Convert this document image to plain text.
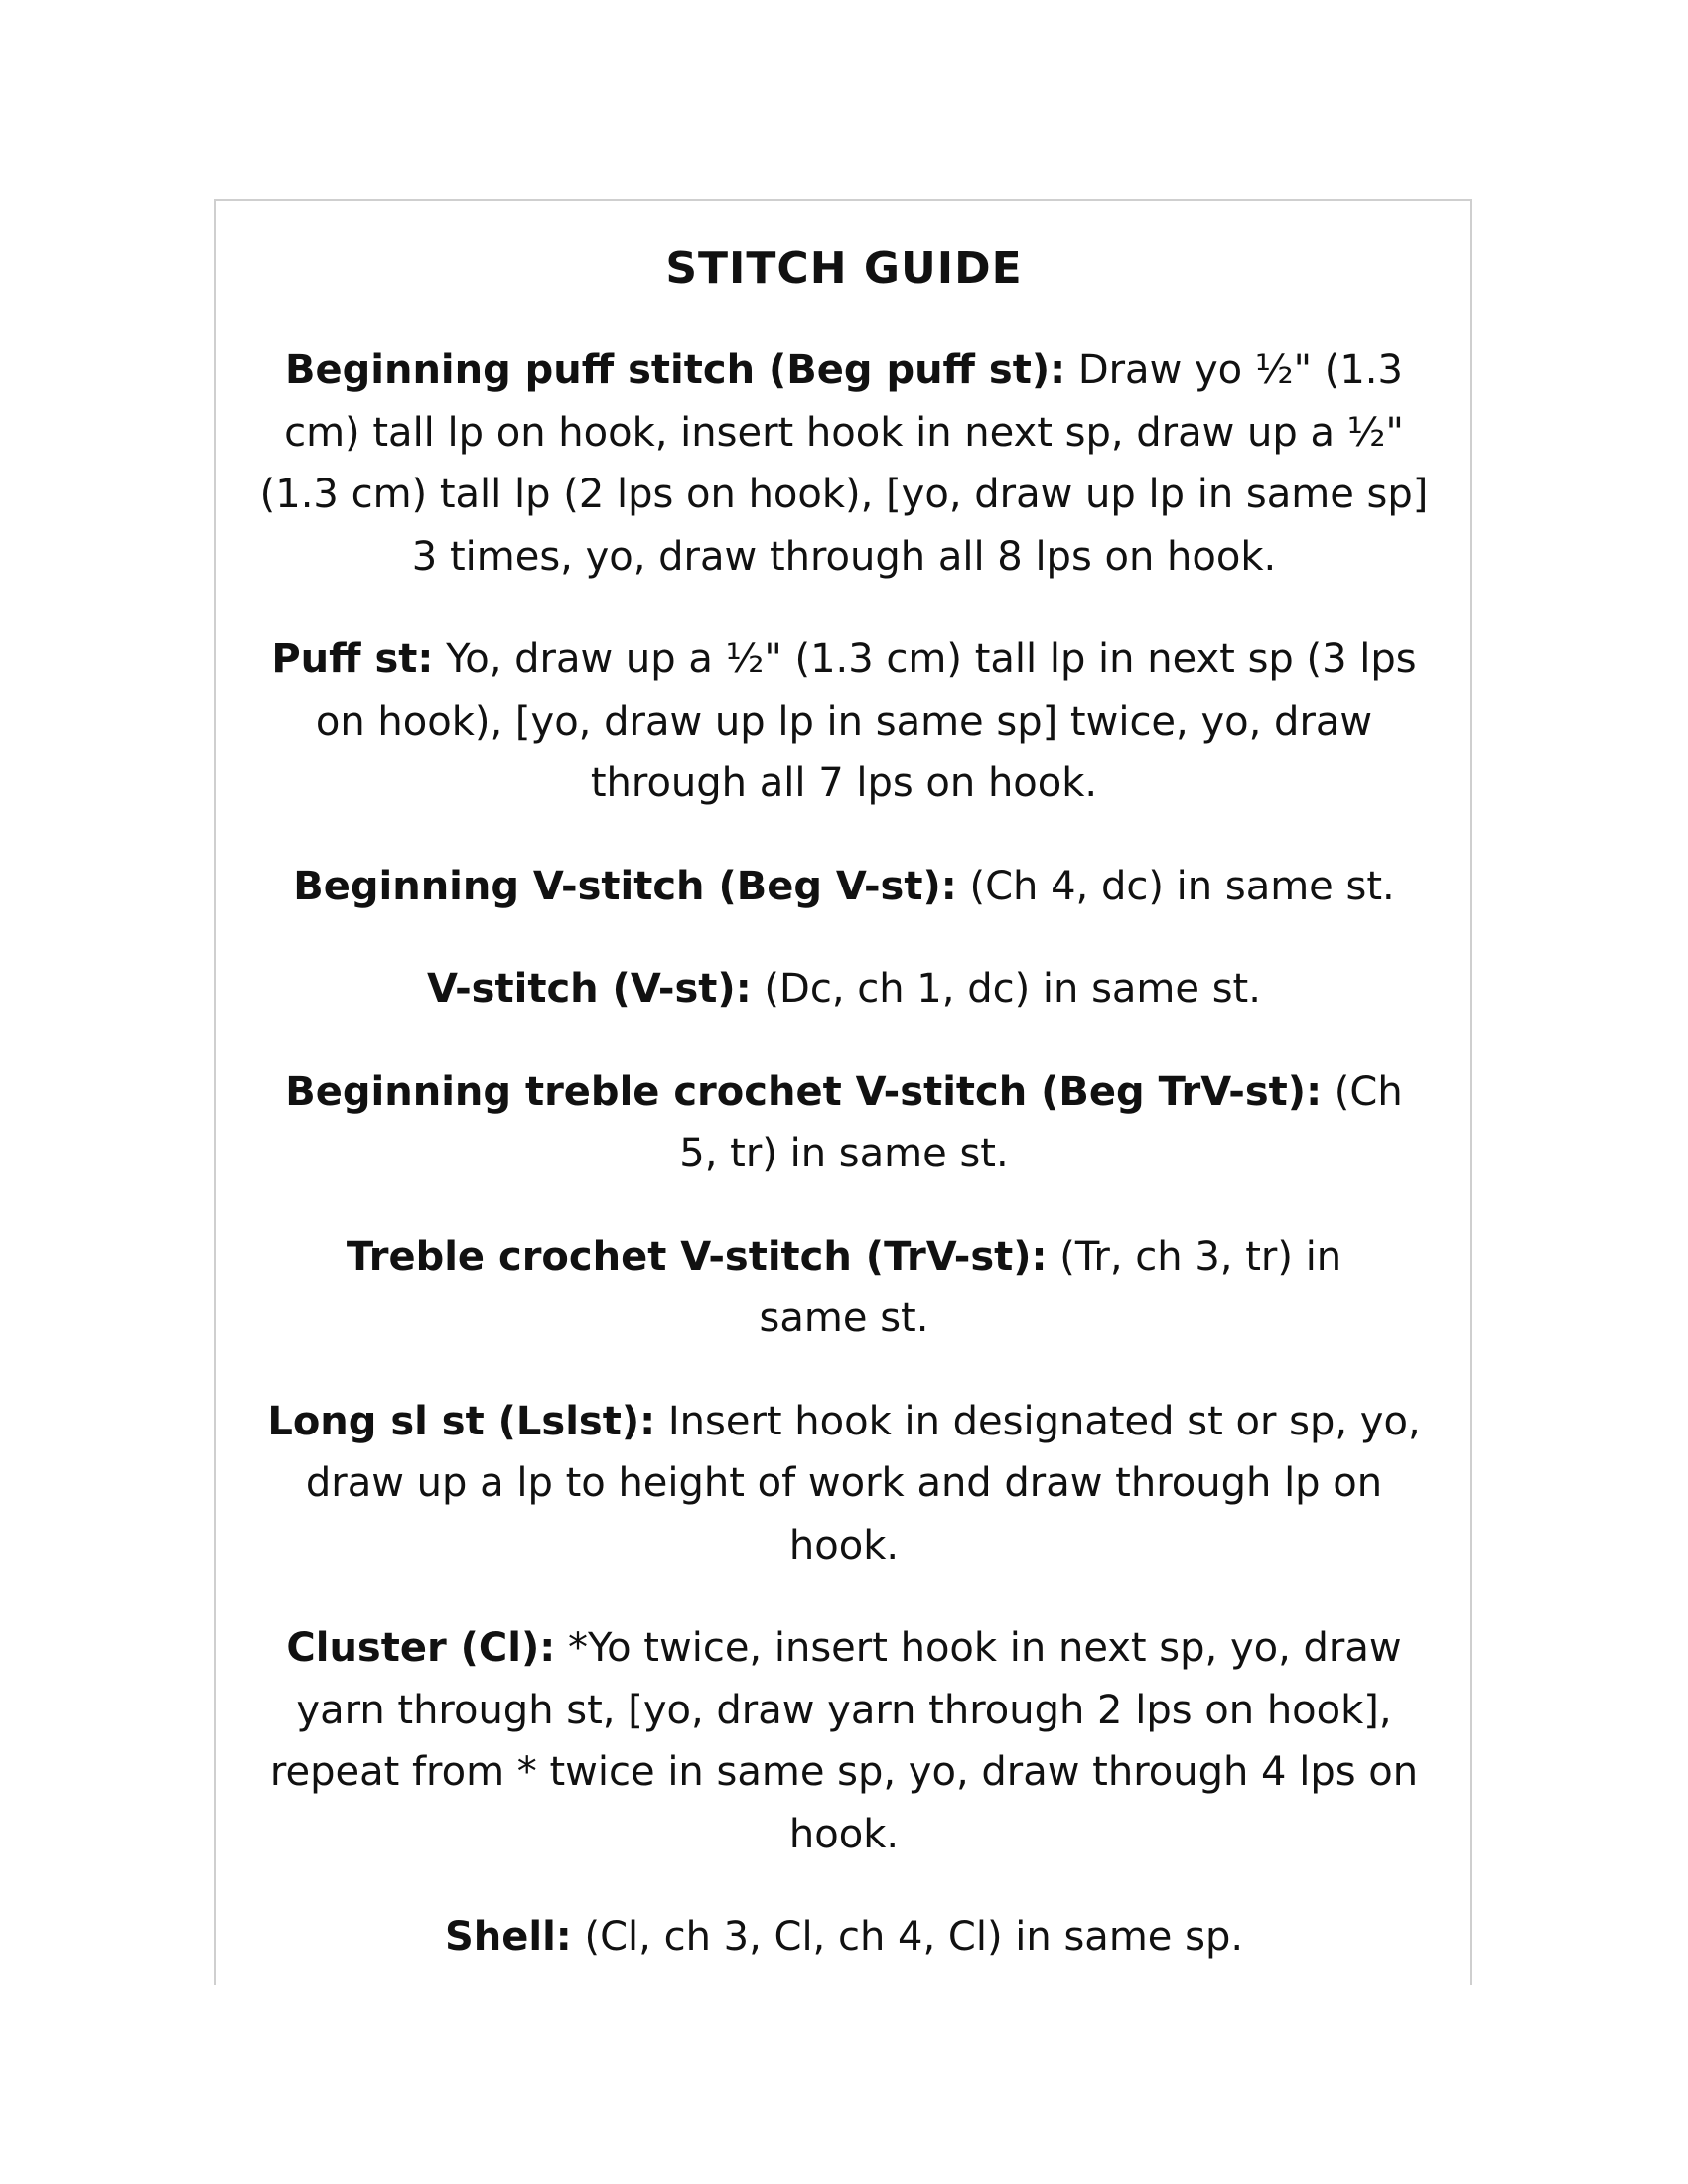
STITCH GUIDE

Beginning puff stitch (Beg puff st): Draw yo ½" (1.3 cm) tall lp on hook, insert hook in next sp, draw up a ½" (1.3 cm) tall lp (2 lps on hook), [yo, draw up lp in same sp] 3 times, yo, draw through all 8 lps on hook.

Puff st: Yo, draw up a ½" (1.3 cm) tall lp in next sp (3 lps on hook), [yo, draw up lp in same sp] twice, yo, draw through all 7 lps on hook.

Beginning V-stitch (Beg V-st): (Ch 4, dc) in same st.

V-stitch (V-st): (Dc, ch 1, dc) in same st.

Beginning treble crochet V-stitch (Beg TrV-st): (Ch 5, tr) in same st.

Treble crochet V-stitch (TrV-st): (Tr, ch 3, tr) in same st.

Long sl st (Lslst): Insert hook in designated st or sp, yo, draw up a lp to height of work and draw through lp on hook.

Cluster (Cl): *Yo twice, insert hook in next sp, yo, draw yarn through st, [yo, draw yarn through 2 lps on hook], repeat from * twice in same sp, yo, draw through 4 lps on hook.

Shell: (Cl, ch 3, Cl, ch 4, Cl) in same sp.
